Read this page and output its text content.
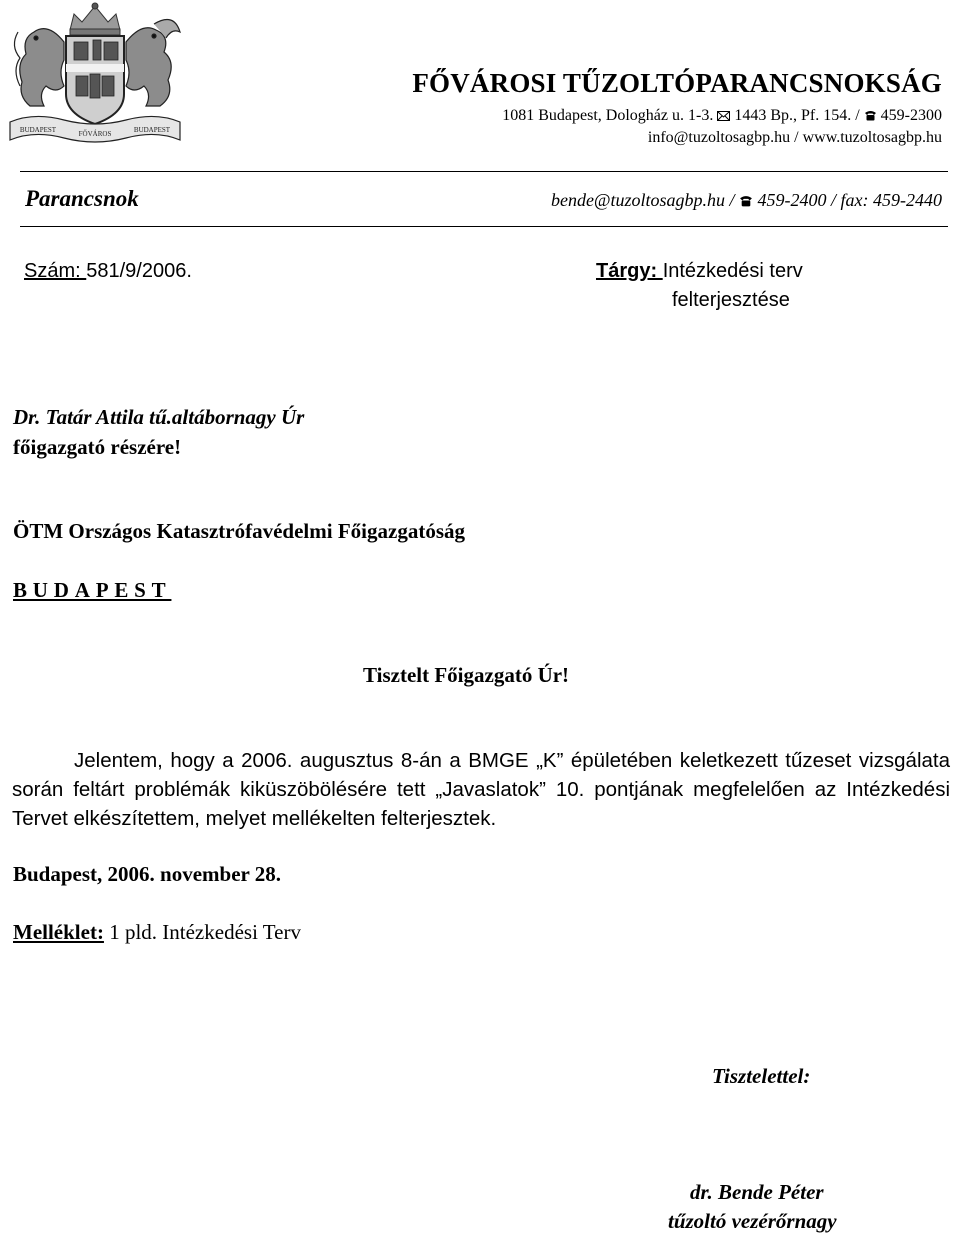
BUDAPEST	FŐVÁROS	BUDAPEST
FŐVÁROSI TŰZOLTÓPARANCSNOKSÁG
1081 Budapest, Dologház u. 1-3. 1443 Bp., Pf. 154. / 459-2300
info@tuzoltosagbp.hu / www.tuzoltosagbp.hu
Parancsnok	bende@tuzoltosagbp.hu / 459-2400 / fax: 459-2440
Szám: 581/9/2006.	Tárgy: Intézkedési terv
felterjesztése
Dr. Tatár Attila tű.altábornagy Úr
főigazgató részére!
ÖTM Országos Katasztrófavédelmi Főigazgatóság
BUDAPEST
Tisztelt Főigazgató Úr!
Jelentem, hogy a 2006. augusztus 8-án a BMGE „K” épületében keletkezett tűzeset vizsgálata során feltárt problémák kiküszöbölésére tett „Javaslatok” 10. pontjának megfelelően az Intézkedési Tervet elkészítettem, melyet mellékelten felterjesztek.
Budapest, 2006. november 28.
Melléklet: 1 pld. Intézkedési Terv
Tisztelettel:
dr. Bende Péter
tűzoltó vezérőrnagy
